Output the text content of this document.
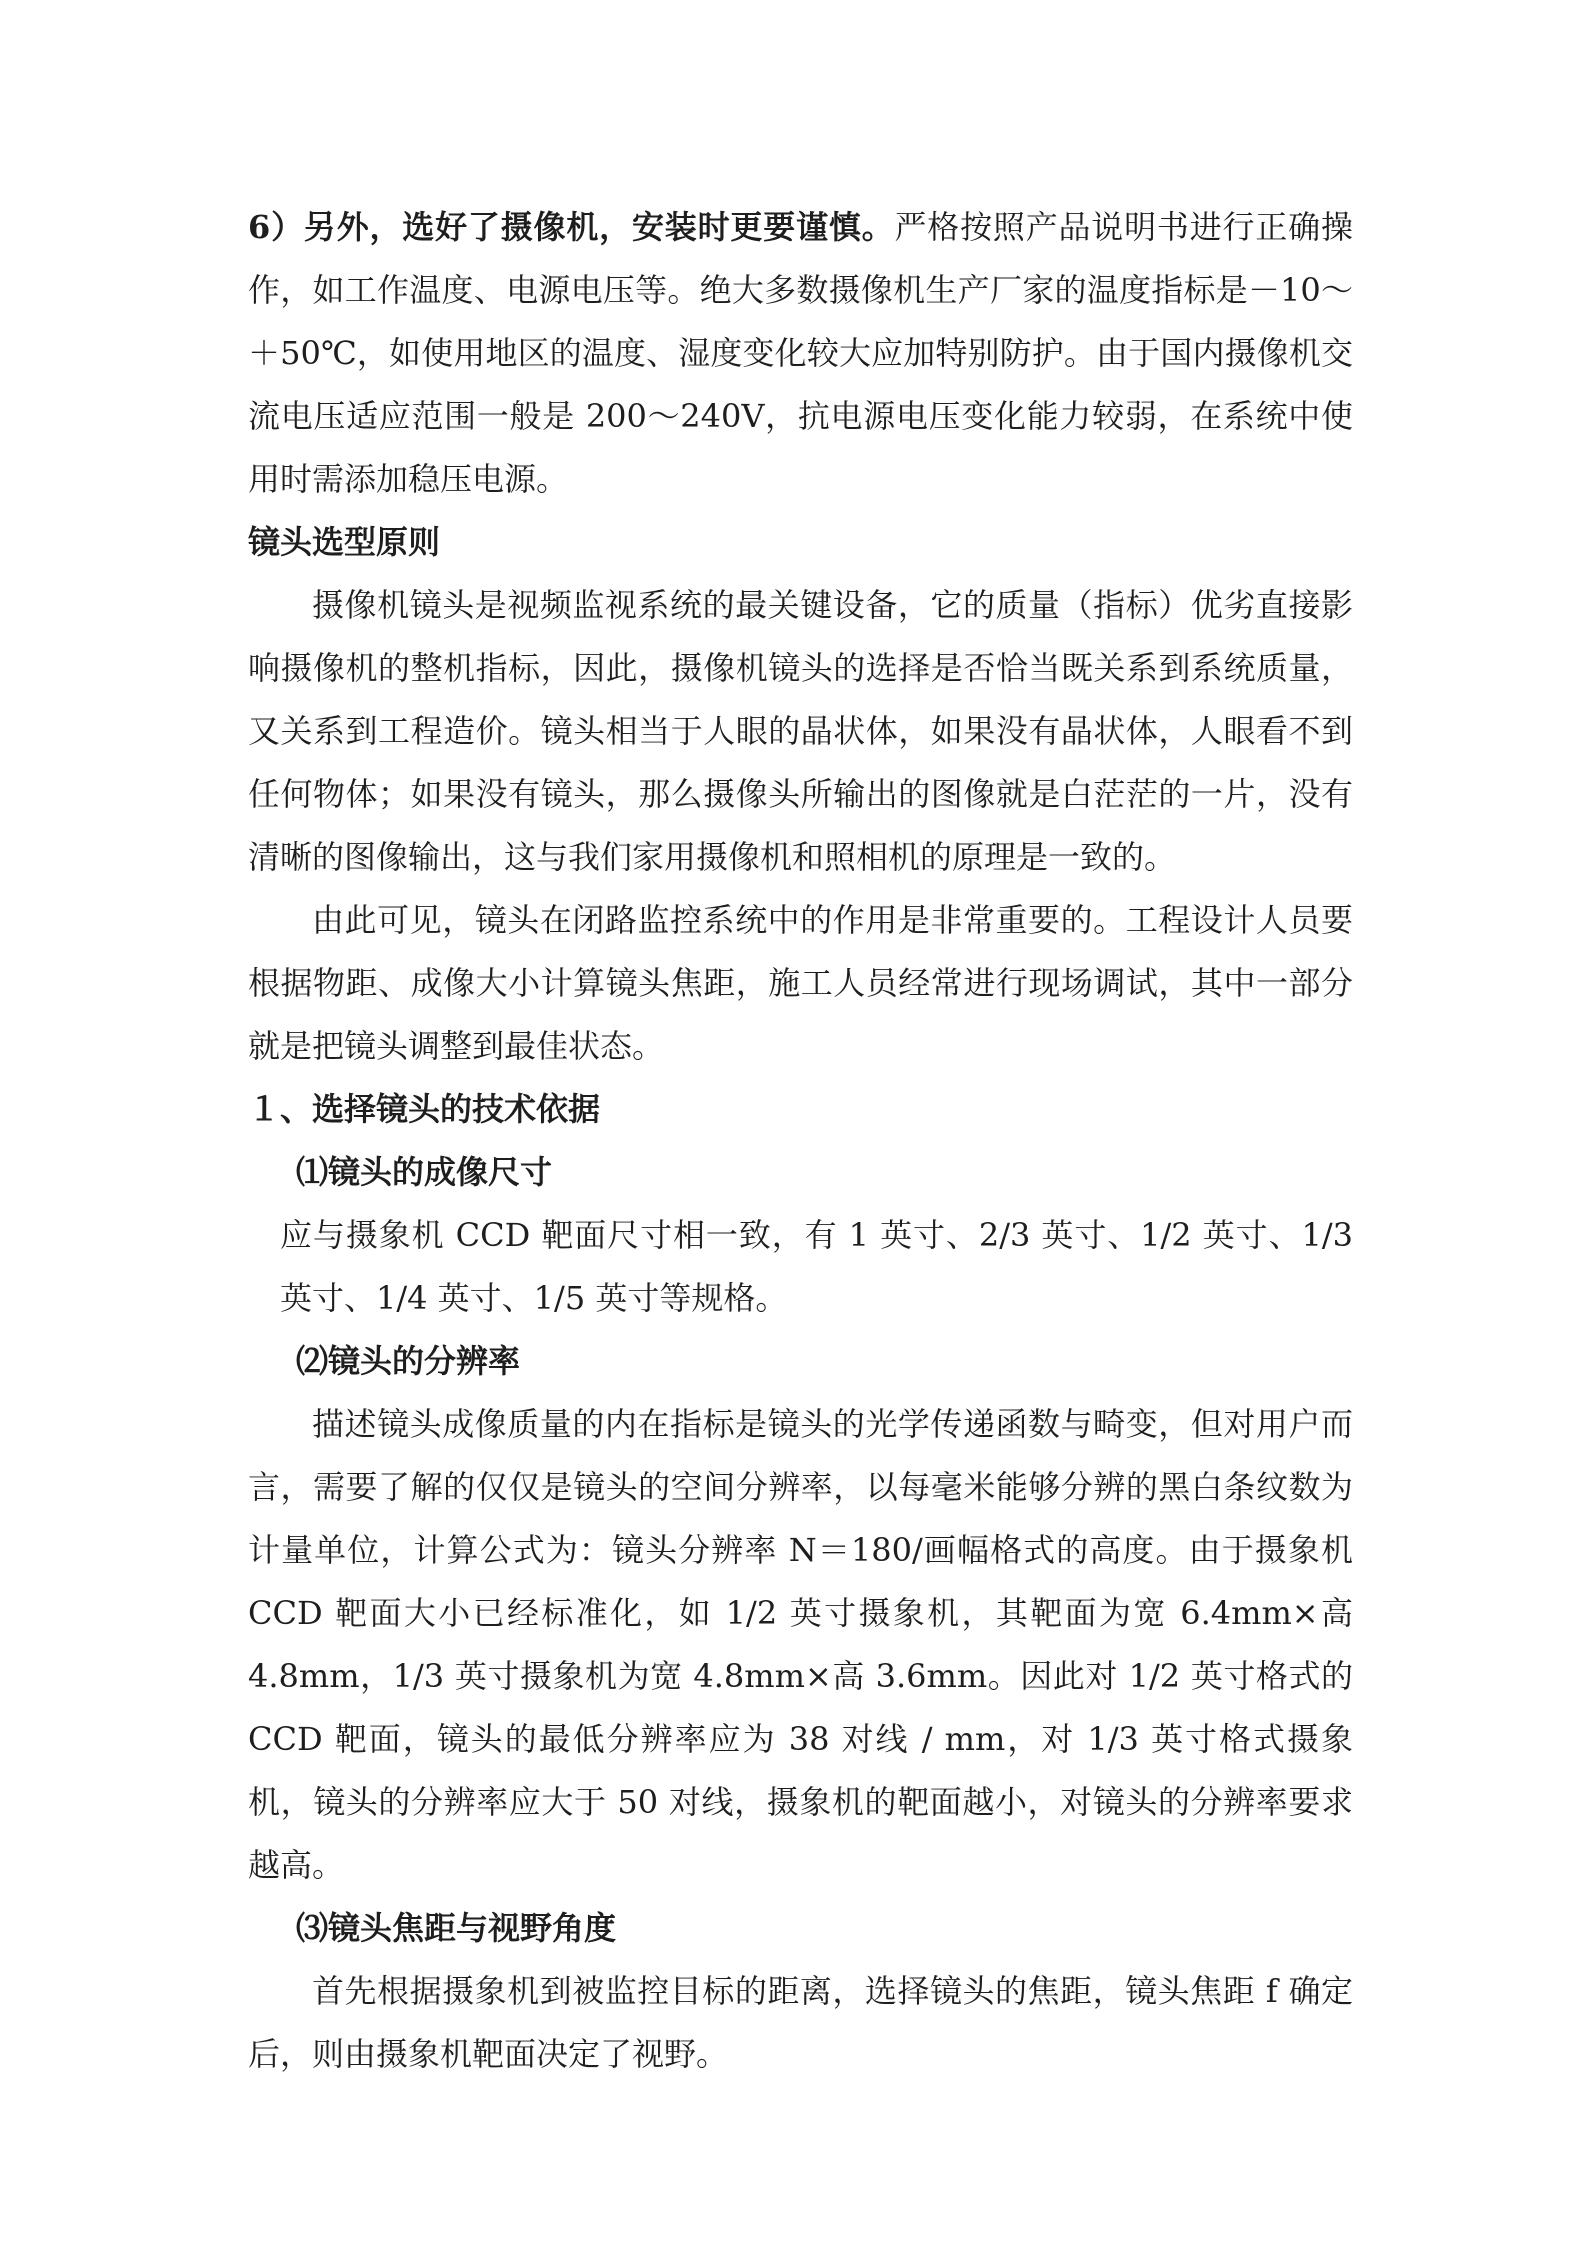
6）另外，选好了摄像机，安装时更要谨慎。严格按照产品说明书进行正确操作，如工作温度、电源电压等。绝大多数摄像机生产厂家的温度指标是－10～＋50℃，如使用地区的温度、湿度变化较大应加特别防护。由于国内摄像机交流电压适应范围一般是 200～240V，抗电源电压变化能力较弱，在系统中使用时需添加稳压电源。

镜头选型原则

摄像机镜头是视频监视系统的最关键设备，它的质量（指标）优劣直接影响摄像机的整机指标，因此，摄像机镜头的选择是否恰当既关系到系统质量，又关系到工程造价。镜头相当于人眼的晶状体，如果没有晶状体，人眼看不到任何物体；如果没有镜头，那么摄像头所输出的图像就是白茫茫的一片，没有清晰的图像输出，这与我们家用摄像机和照相机的原理是一致的。

由此可见，镜头在闭路监控系统中的作用是非常重要的。工程设计人员要根据物距、成像大小计算镜头焦距，施工人员经常进行现场调试，其中一部分就是把镜头调整到最佳状态。

１、选择镜头的技术依据

⑴镜头的成像尺寸

应与摄象机 CCD 靶面尺寸相一致，有 1 英寸、2/3 英寸、1/2 英寸、1/3 英寸、1/4 英寸、1/5 英寸等规格。

⑵镜头的分辨率

描述镜头成像质量的内在指标是镜头的光学传递函数与畸变，但对用户而言，需要了解的仅仅是镜头的空间分辨率，以每毫米能够分辨的黑白条纹数为计量单位，计算公式为：镜头分辨率 N＝180/画幅格式的高度。由于摄象机 CCD 靶面大小已经标准化，如 1/2 英寸摄象机，其靶面为宽 6.4mm×高 4.8mm，1/3 英寸摄象机为宽 4.8mm×高 3.6mm。因此对 1/2 英寸格式的 CCD 靶面，镜头的最低分辨率应为 38 对线 / mm，对 1/3 英寸格式摄象机，镜头的分辨率应大于 50 对线，摄象机的靶面越小，对镜头的分辨率要求越高。

⑶镜头焦距与视野角度

首先根据摄象机到被监控目标的距离，选择镜头的焦距，镜头焦距 f 确定后，则由摄象机靶面决定了视野。
